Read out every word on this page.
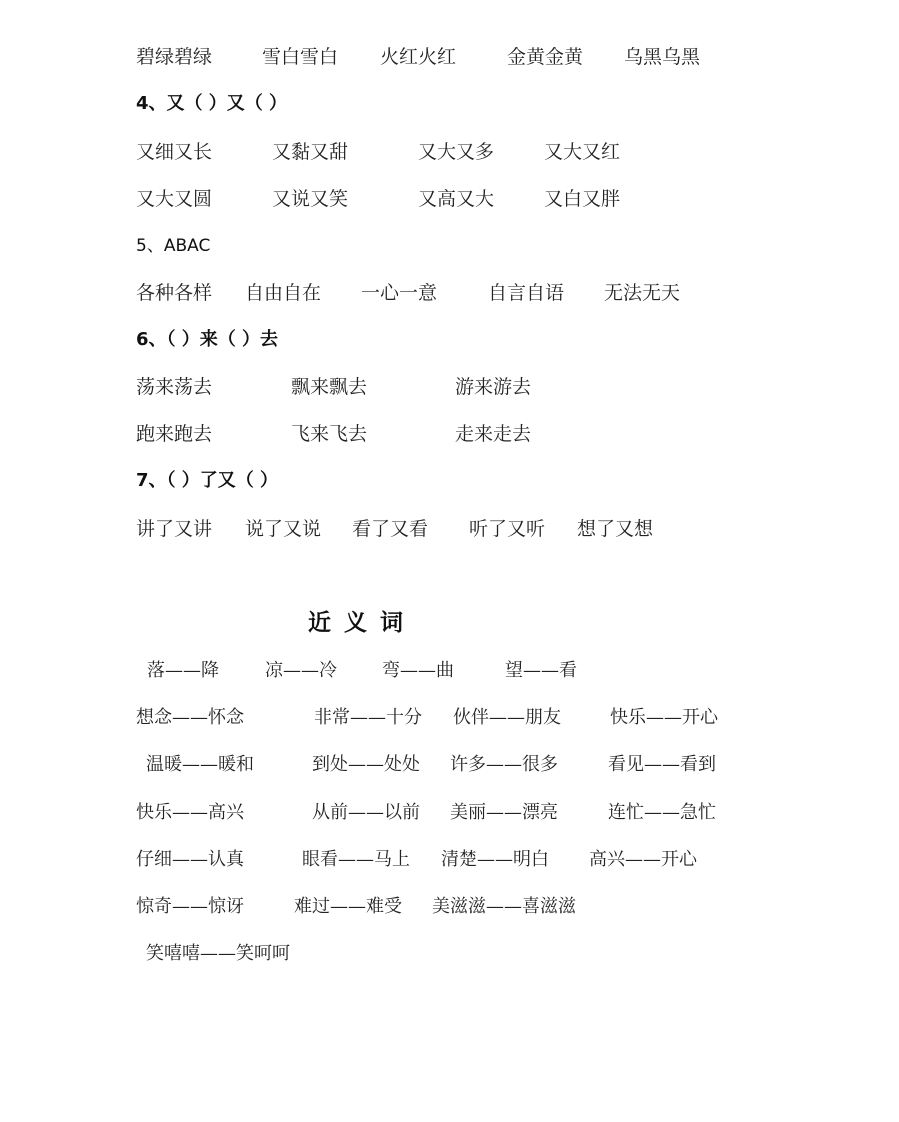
碧绿碧绿	雪白雪白 火红火红	金黄金黄 乌黑乌黑
4、又（ ）又（ ）
又细又长	又黏又甜	又大又多	又大又红
又大又圆	又说又笑	又高又大	又白又胖
5、ABAC
各种各样 自由自在 一心一意	自言自语 无法无天
6、（ ）来（ ）去
荡来荡去	飘来飘去	游来游去
跑来跑去	飞来飞去	走来走去
7、（ ）了又（ ）
讲了又讲 说了又说 看了又看 听了又听 想了又想
近义词
落——降	凉——冷	弯——曲	望——看
想念——怀念	非常——十分 伙伴——朋友	快乐——开心
温暖——暖和	到处——处处 许多——很多	看见——看到
快乐——高兴	从前——以前 美丽——漂亮	连忙——急忙
仔细——认真	眼看——马上 清楚——明白 高兴——开心
惊奇——惊讶	难过——难受 美滋滋——喜滋滋
笑嘻嘻——笑呵呵
